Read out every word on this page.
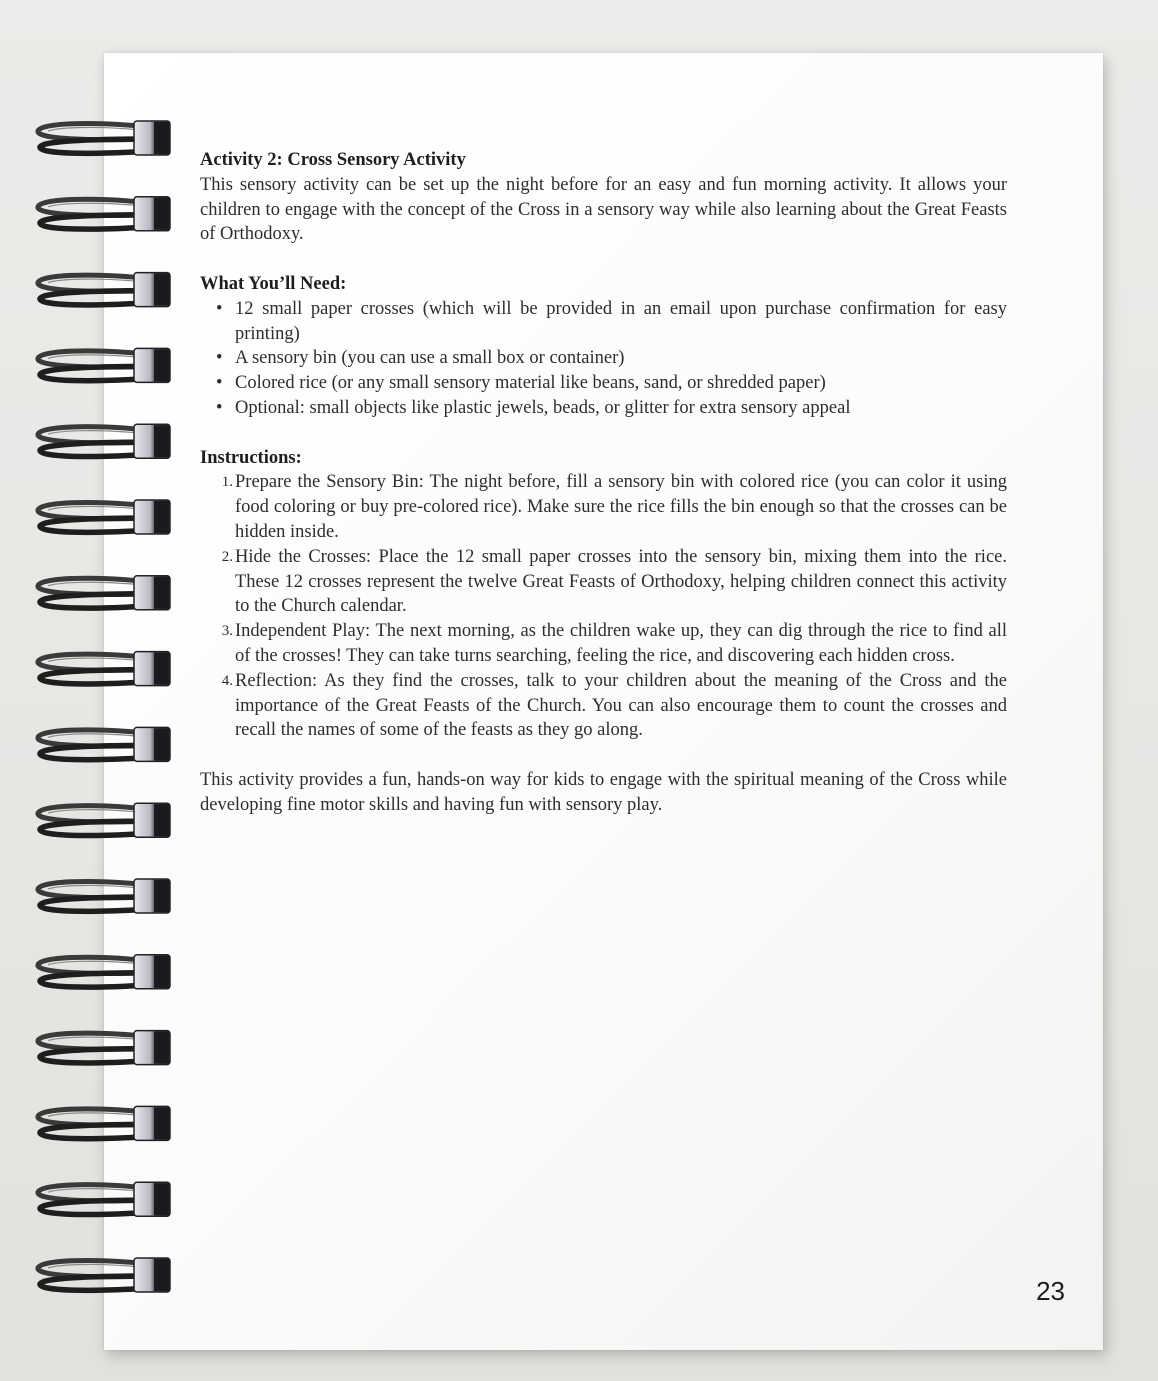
Activity 2: Cross Sensory Activity

This sensory activity can be set up the night before for an easy and fun morning activity. It allows your children to engage with the concept of the Cross in a sensory way while also learning about the Great Feasts of Orthodoxy.

What You’ll Need:

• 12 small paper crosses (which will be provided in an email upon purchase confirmation for easy printing)
• A sensory bin (you can use a small box or container)
• Colored rice (or any small sensory material like beans, sand, or shredded paper)
• Optional: small objects like plastic jewels, beads, or glitter for extra sensory appeal

Instructions:

1. Prepare the Sensory Bin: The night before, fill a sensory bin with colored rice (you can color it using food coloring or buy pre-colored rice). Make sure the rice fills the bin enough so that the crosses can be hidden inside.
2. Hide the Crosses: Place the 12 small paper crosses into the sensory bin, mixing them into the rice. These 12 crosses represent the twelve Great Feasts of Orthodoxy, helping children connect this activity to the Church calendar.
3. Independent Play: The next morning, as the children wake up, they can dig through the rice to find all of the crosses! They can take turns searching, feeling the rice, and discovering each hidden cross.
4. Reflection: As they find the crosses, talk to your children about the meaning of the Cross and the importance of the Great Feasts of the Church. You can also encourage them to count the crosses and recall the names of some of the feasts as they go along.

This activity provides a fun, hands-on way for kids to engage with the spiritual meaning of the Cross while developing fine motor skills and having fun with sensory play.

23
